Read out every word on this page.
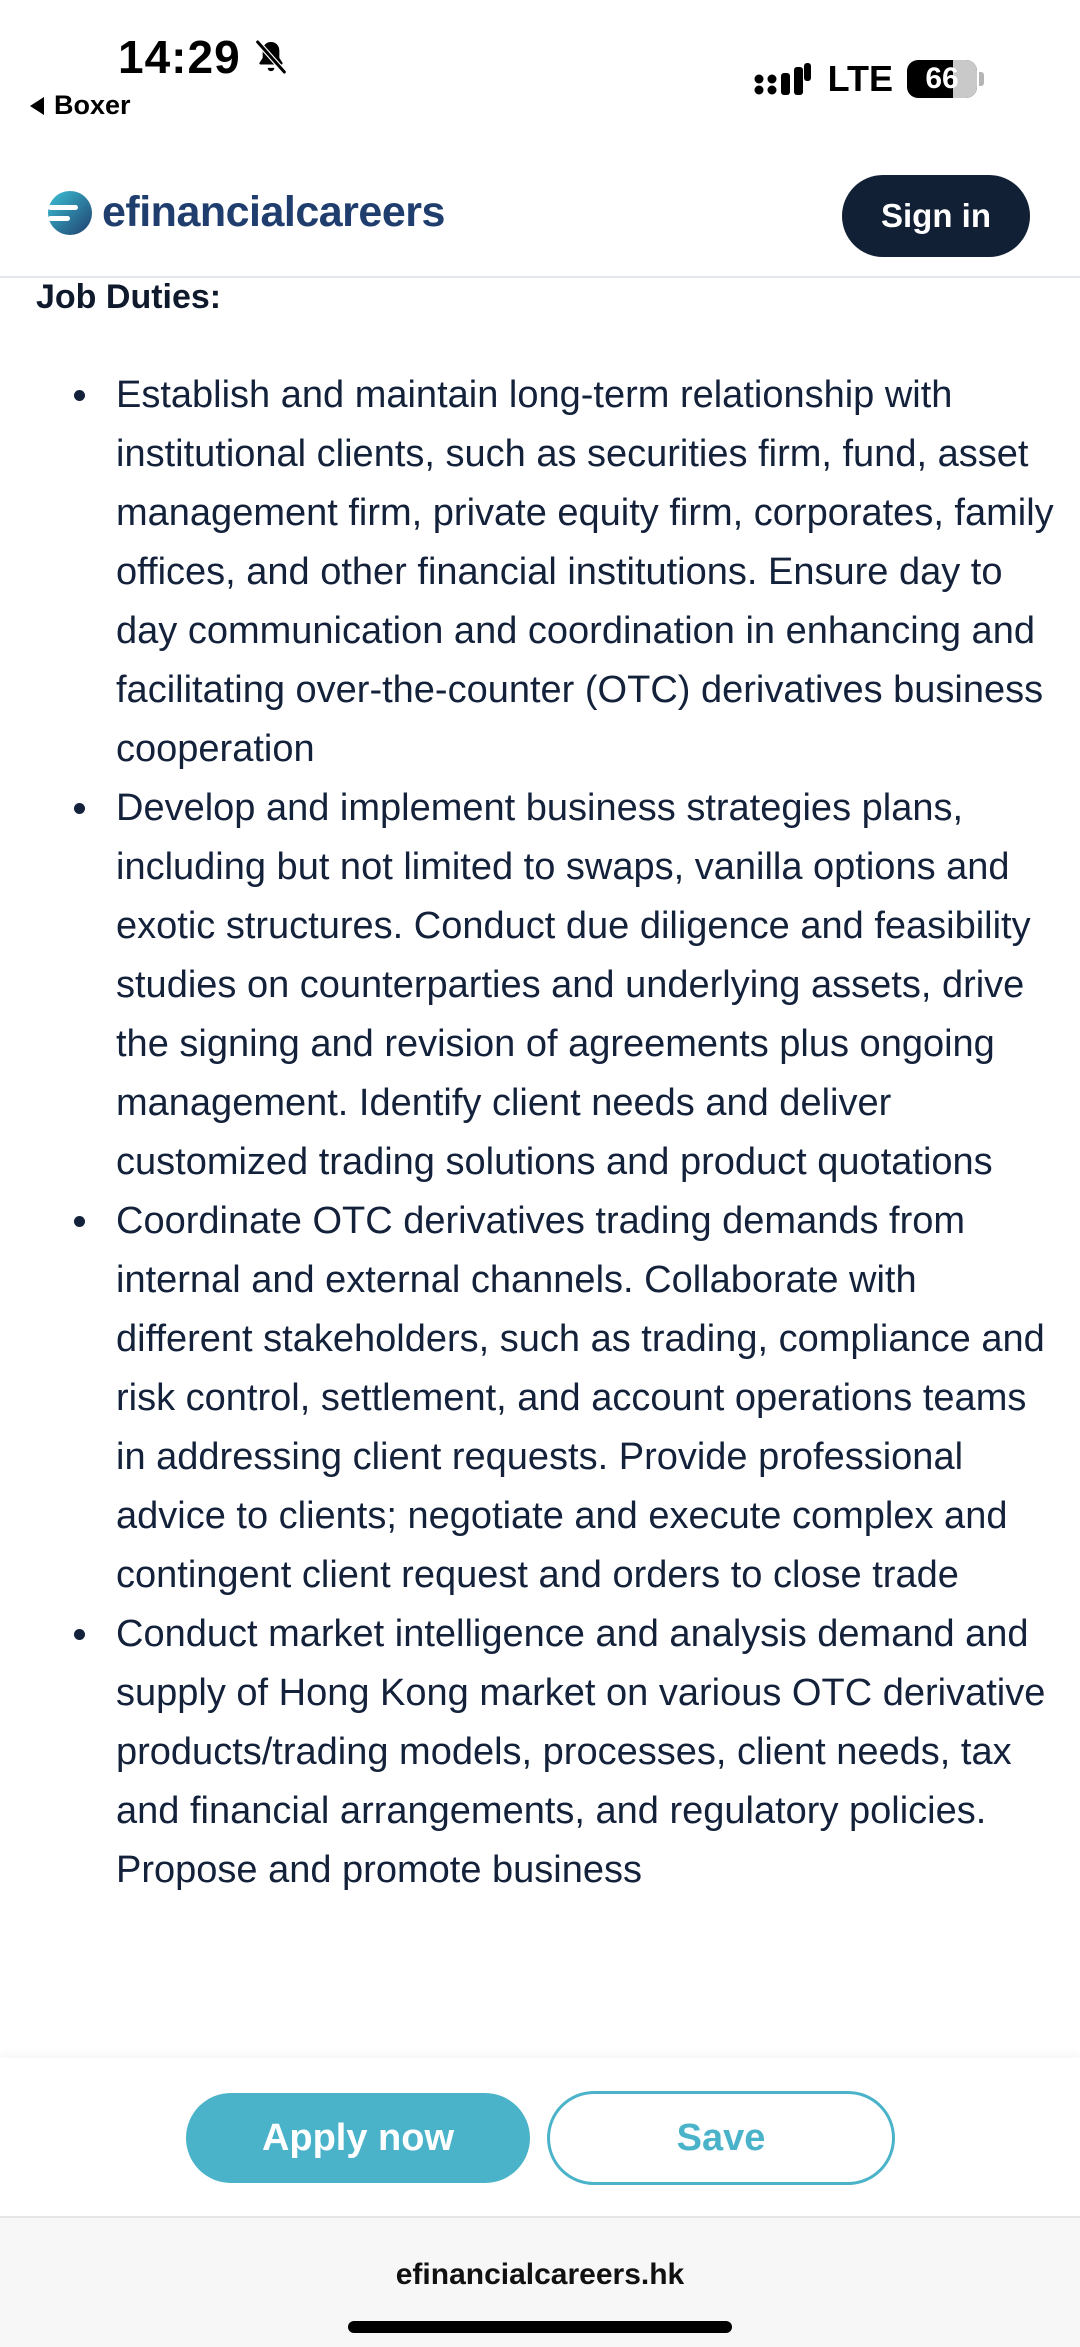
14:29
Boxer
LTE 66
efinancialcareers	Sign in
Job Duties:
Establish and maintain long-term relationship with institutional clients, such as securities firm, fund, asset management firm, private equity firm, corporates, family offices, and other financial institutions. Ensure day to day communication and coordination in enhancing and facilitating over-the-counter (OTC) derivatives business cooperation
Develop and implement business strategies plans, including but not limited to swaps, vanilla options and exotic structures. Conduct due diligence and feasibility studies on counterparties and underlying assets, drive the signing and revision of agreements plus ongoing management. Identify client needs and deliver customized trading solutions and product quotations
Coordinate OTC derivatives trading demands from internal and external channels. Collaborate with different stakeholders, such as trading, compliance and risk control, settlement, and account operations teams in addressing client requests. Provide professional advice to clients; negotiate and execute complex and contingent client request and orders to close trade
Conduct market intelligence and analysis demand and supply of Hong Kong market on various OTC derivative products/trading models, processes, client needs, tax and financial arrangements, and regulatory policies. Propose and promote business
Apply now	Save
efinancialcareers.hk
